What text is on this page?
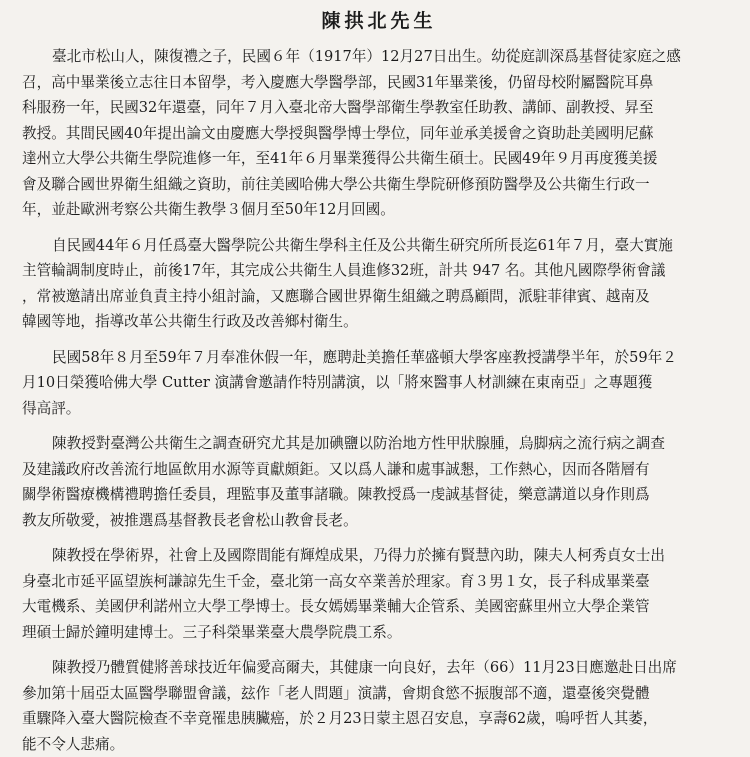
陳拱北先生
臺北市松山人，陳復禮之子，民國６年（1917年）12月27日出生。幼從庭訓深爲基督徒家庭之感
召，高中畢業後立志往日本留學，考入慶應大學醫學部，民國31年畢業後，仍留母校附屬醫院耳鼻
科服務一年，民國32年還臺，同年７月入臺北帝大醫學部衛生學教室任助教、講師、副教授、昇至
教授。其間民國40年提出論文由慶應大學授與醫學博士學位，同年並承美援會之資助赴美國明尼蘇
達州立大學公共衛生學院進修一年，至41年６月畢業獲得公共衛生碩士。民國49年９月再度獲美援
會及聯合國世界衛生組織之資助，前往美國哈佛大學公共衛生學院研修預防醫學及公共衛生行政一
年，並赴歐洲考察公共衛生教學３個月至50年12月回國。
自民國44年６月任爲臺大醫學院公共衛生學科主任及公共衛生研究所所長迄61年７月，臺大實施
主管輪調制度時止，前後17年，其完成公共衛生人員進修32班，計共 947 名。其他凡國際學術會議
，常被邀請出席並負責主持小組討論，又應聯合國世界衛生組織之聘爲顧問，派駐菲律賓、越南及
韓國等地，指導改革公共衛生行政及改善鄉村衛生。
民國58年８月至59年７月奉准休假一年，應聘赴美擔任華盛頓大學客座教授講學半年，於59年２
月10日榮獲哈佛大學 Cutter 演講會邀請作特別講演，以「將來醫事人材訓練在東南亞」之專題獲
得高評。
陳教授對臺灣公共衛生之調查研究尤其是加碘鹽以防治地方性甲狀腺腫，烏脚病之流行病之調查
及建議政府改善流行地區飲用水源等貢獻頗鉅。又以爲人謙和處事誠懇，工作熱心，因而各階層有
關學術醫療機構禮聘擔任委員，理監事及董事諸職。陳教授爲一虔誠基督徒，樂意講道以身作則爲
教友所敬愛，被推選爲基督教長老會松山教會長老。
陳教授在學術界，社會上及國際間能有輝煌成果，乃得力於擁有賢慧內助，陳夫人柯秀貞女士出
身臺北市延平區望族柯謙諒先生千金，臺北第一高女卒業善於理家。育３男１女，長子科成畢業臺
大電機系、美國伊利諾州立大學工學博士。長女嫣嫣畢業輔大企管系、美國密蘇里州立大學企業管
理碩士歸於鐘明建博士。三子科榮畢業臺大農學院農工系。
陳教授乃體質健將善球技近年偏愛高爾夫，其健康一向良好，去年（66）11月23日應邀赴日出席
參加第十屆亞太區醫學聯盟會議，玆作「老人問題」演講，會期食慾不振腹部不適，還臺後突覺體
重驟降入臺大醫院檢查不幸竟罹患胰臟癌，於２月23日蒙主恩召安息，享壽62歲，嗚呼哲人其萎，
能不令人悲痛。
